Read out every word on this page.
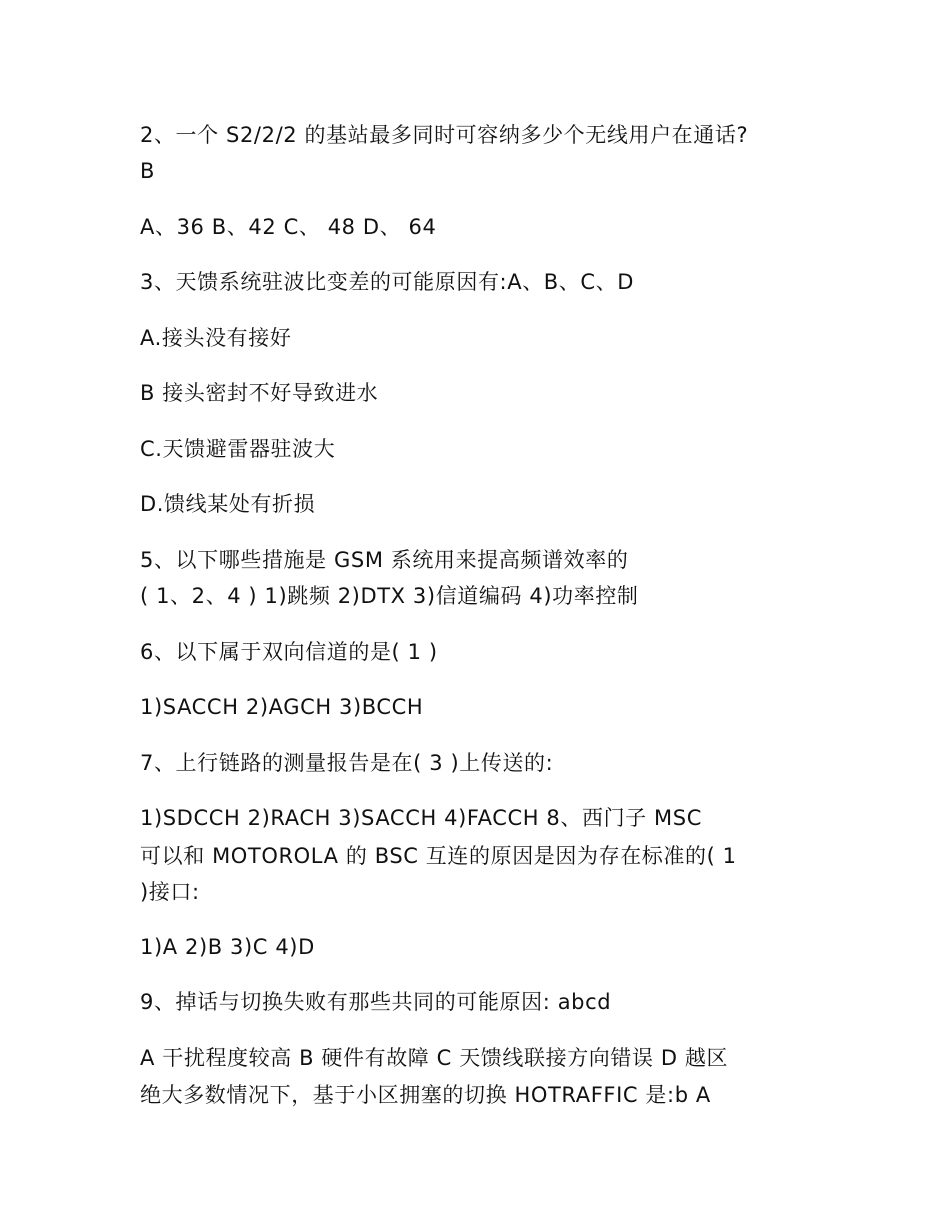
2、一个 S2/2/2 的基站最多同时可容纳多少个无线用户在通话?
B
A、36 B、42 C、 48 D、 64
3、天馈系统驻波比变差的可能原因有:A、B、C、D
A.接头没有接好
B 接头密封不好导致进水
C.天馈避雷器驻波大
D.馈线某处有折损
5、以下哪些措施是 GSM 系统用来提高频谱效率的
( 1、2、4 ) 1)跳频 2)DTX 3)信道编码 4)功率控制
6、以下属于双向信道的是( 1 )
1)SACCH 2)AGCH 3)BCCH
7、上行链路的测量报告是在( 3 )上传送的:
1)SDCCH 2)RACH 3)SACCH 4)FACCH 8、西门子 MSC
可以和 MOTOROLA 的 BSC 互连的原因是因为存在标准的( 1
)接口:
1)A 2)B 3)C 4)D
9、掉话与切换失败有那些共同的可能原因: abcd
A 干扰程度较高 B 硬件有故障 C 天馈线联接方向错误 D 越区
绝大多数情况下，基于小区拥塞的切换 HOTRAFFIC 是:b A
